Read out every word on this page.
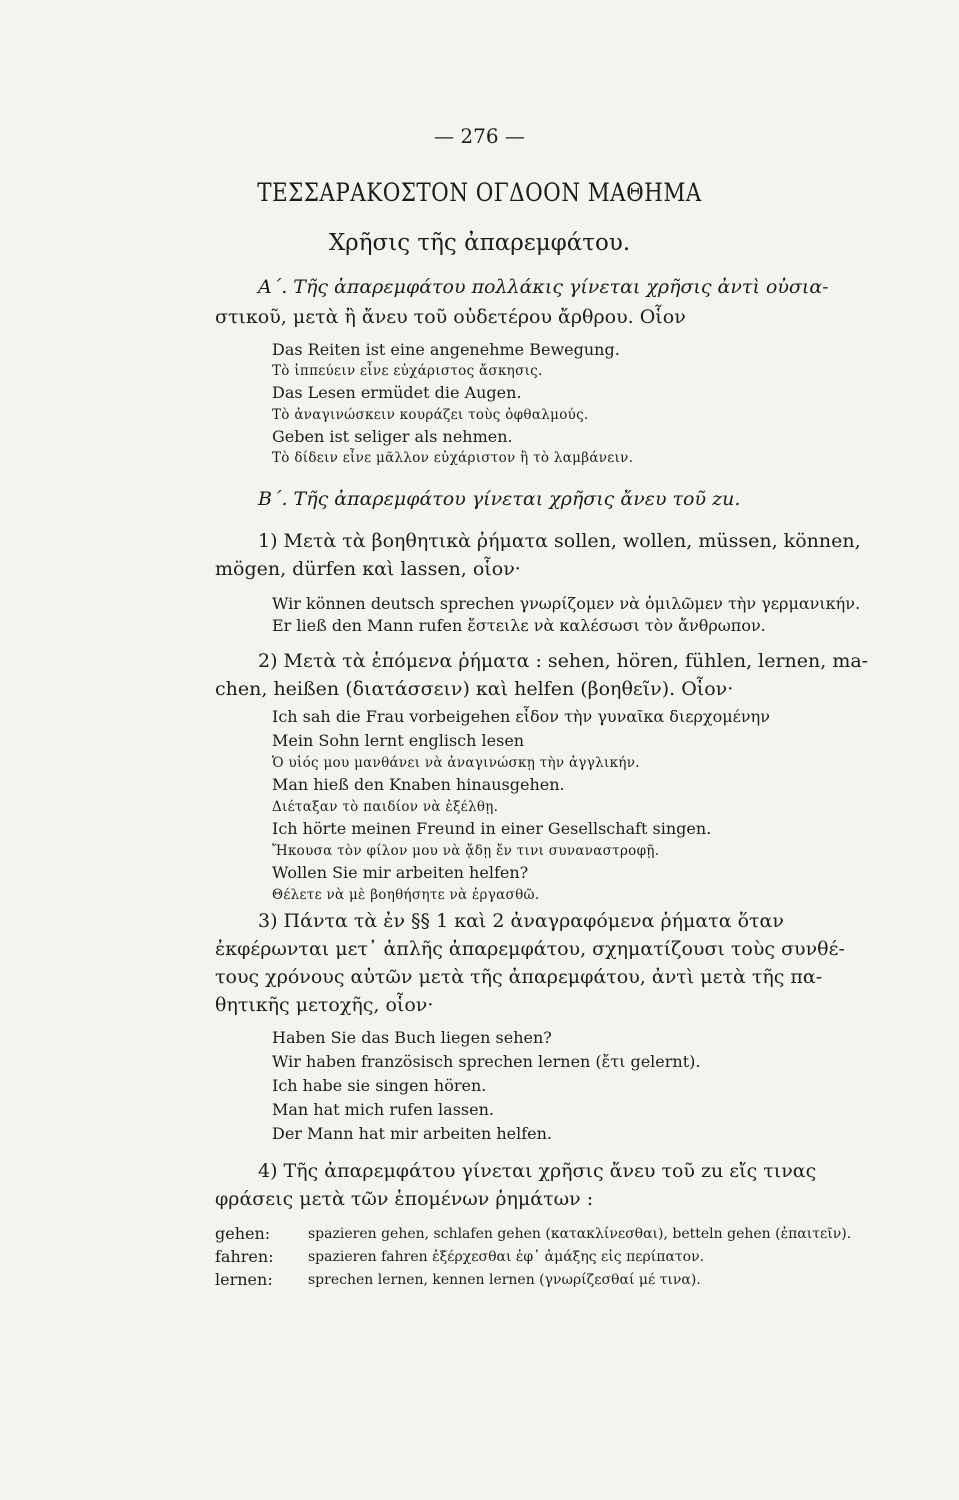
— 276 —
ΤΕΣΣΑΡΑΚΟΣΤΟΝ ΟΓΔΟΟΝ ΜΑΘΗΜΑ
Χρῆσις τῆς ἀπαρεμφάτου.
Α΄. Τῆς ἀπαρεμφάτου πολλάκις γίνεται χρῆσις ἀντὶ οὐσια-
στικοῦ, μετὰ ἢ ἄνευ τοῦ οὐδετέρου ἄρθρου. Οἷον
Das Reiten ist eine angenehme Bewegung.
Τὸ ἱππεύειν εἶνε εὐχάριστος ἄσκησις.
Das Lesen ermüdet die Augen.
Τὸ ἀναγινώσκειν κουράζει τοὺς ὀφθαλμούς.
Geben ist seliger als nehmen.
Τὸ δίδειν εἶνε μᾶλλον εὐχάριστον ἢ τὸ λαμβάνειν.
Β΄. Τῆς ἀπαρεμφάτου γίνεται χρῆσις ἄνευ τοῦ zu.
1) Μετὰ τὰ βοηθητικὰ ῥήματα sollen, wollen, müssen, können,
mögen, dürfen καὶ lassen, οἷον·
Wir können deutsch sprechen γνωρίζομεν νὰ ὁμιλῶμεν τὴν γερμανικήν.
Er ließ den Mann rufen ἔστειλε νὰ καλέσωσι τὸν ἄνθρωπον.
2) Μετὰ τὰ ἑπόμενα ῥήματα : sehen, hören, fühlen, lernen, ma-
chen, heißen (διατάσσειν) καὶ helfen (βοηθεῖν). Οἷον·
Ich sah die Frau vorbeigehen εἶδον τὴν γυναῖκα διερχομένην
Mein Sohn lernt englisch lesen
Ὁ υἱός μου μανθάνει νὰ ἀναγινώσκῃ τὴν ἀγγλικήν.
Man hieß den Knaben hinausgehen.
Διέταξαν τὸ παιδίον νὰ ἐξέλθῃ.
Ich hörte meinen Freund in einer Gesellschaft singen.
Ἤκουσα τὸν φίλον μου νὰ ᾄδῃ ἔν τινι συναναστροφῇ.
Wollen Sie mir arbeiten helfen?
Θέλετε νὰ μὲ βοηθήσητε νὰ ἐργασθῶ.
3) Πάντα τὰ ἐν §§ 1 καὶ 2 ἀναγραφόμενα ῥήματα ὅταν
ἐκφέρωνται μετ᾽ ἁπλῆς ἀπαρεμφάτου, σχηματίζουσι τοὺς συνθέ-
τους χρόνους αὐτῶν μετὰ τῆς ἀπαρεμφάτου, ἀντὶ μετὰ τῆς πα-
θητικῆς μετοχῆς, οἷον·
Haben Sie das Buch liegen sehen?
Wir haben französisch sprechen lernen (ἔτι gelernt).
Ich habe sie singen hören.
Man hat mich rufen lassen.
Der Mann hat mir arbeiten helfen.
4) Τῆς ἀπαρεμφάτου γίνεται χρῆσις ἄνευ τοῦ zu εἴς τινας
φράσεις μετὰ τῶν ἑπομένων ῥημάτων :
gehen:	spazieren gehen, schlafen gehen (κατακλίνεσθαι), betteln gehen (ἐπαιτεῖν).
fahren: spazieren fahren ἐξέρχεσθαι ἐφ᾽ ἁμάξης εἰς περίπατον.
lernen:	sprechen lernen, kennen lernen (γνωρίζεσθαί μέ τινα).
